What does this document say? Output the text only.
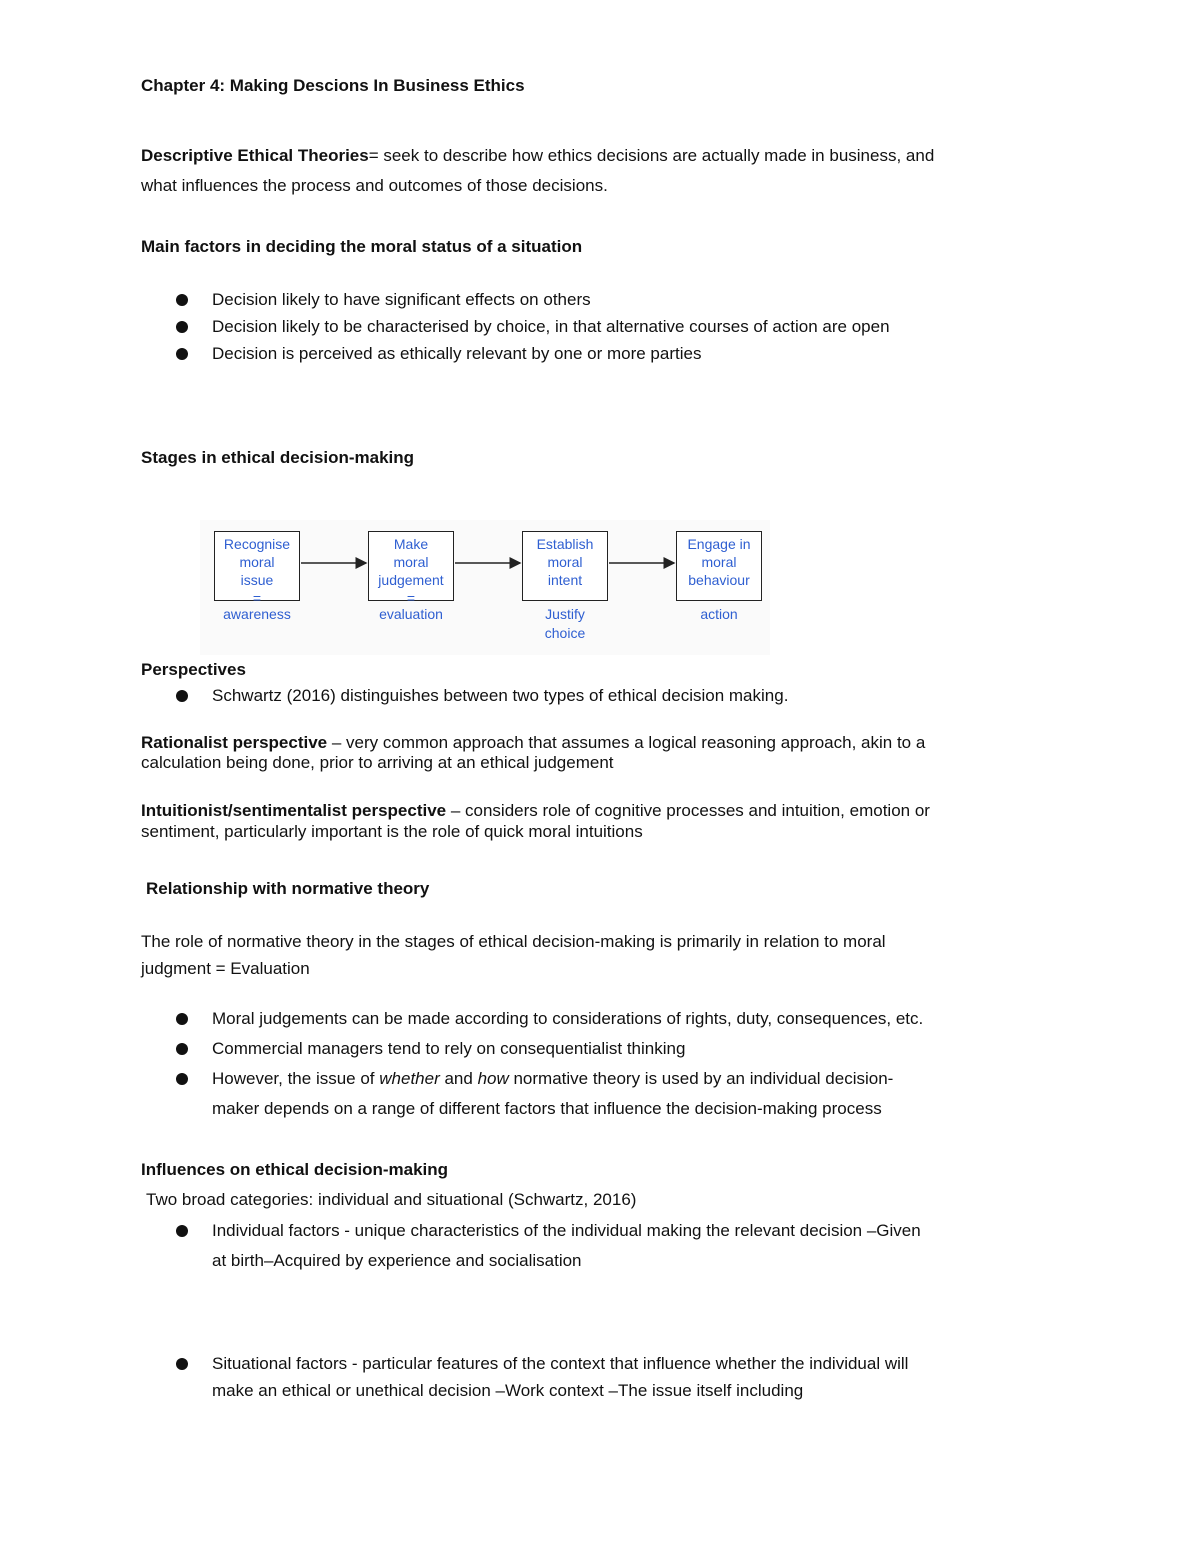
Chapter 4: Making Descions In Business Ethics
Descriptive Ethical Theories= seek to describe how ethics decisions are actually made in business, and
what influences the process and outcomes of those decisions.
Main factors in deciding the moral status of a situation
Decision likely to have significant effects on others
Decision likely to be characterised by choice, in that alternative courses of action are open
Decision is perceived as ethically relevant by one or more parties
Stages in ethical decision-making
Recognise
moral
issue
=
Make
moral
judgement
=
Establish
moral
intent
Engage in
moral
behaviour
awareness	evaluation	Justify
choice
action
Perspectives
Schwartz (2016) distinguishes between two types of ethical decision making.
Rationalist perspective – very common approach that assumes a logical reasoning approach, akin to a
calculation being done, prior to arriving at an ethical judgement
Intuitionist/sentimentalist perspective – considers role of cognitive processes and intuition, emotion or
sentiment, particularly important is the role of quick moral intuitions
Relationship with normative theory
The role of normative theory in the stages of ethical decision-making is primarily in relation to moral
judgment = Evaluation
Moral judgements can be made according to considerations of rights, duty, consequences, etc.
Commercial managers tend to rely on consequentialist thinking
However, the issue of whether and how normative theory is used by an individual decision-
maker depends on a range of different factors that influence the decision-making process
Influences on ethical decision-making
Two broad categories: individual and situational (Schwartz, 2016)
Individual factors - unique characteristics of the individual making the relevant decision –Given
at birth–Acquired by experience and socialisation
Situational factors - particular features of the context that influence whether the individual will
make an ethical or unethical decision –Work context –The issue itself including
